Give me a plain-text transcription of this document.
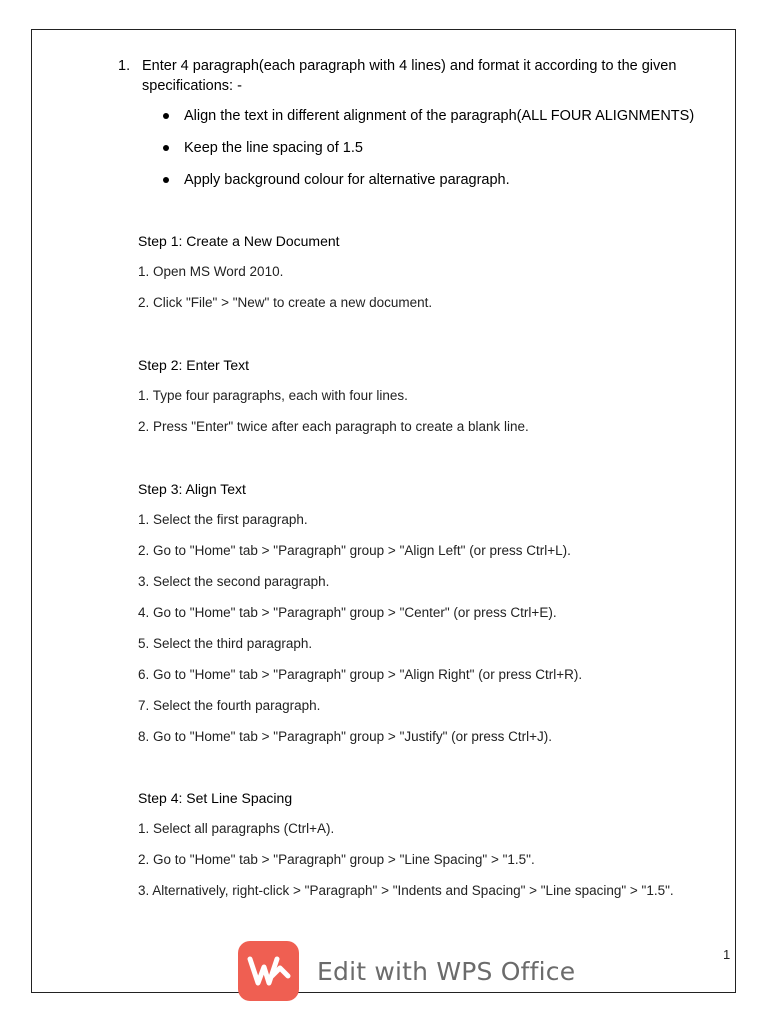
1. Enter 4 paragraph(each paragraph with 4 lines) and format it according to the given specifications: -
Align the text in different alignment of the paragraph(ALL FOUR ALIGNMENTS)
Keep the line spacing of 1.5
Apply background colour for alternative paragraph.
Step 1: Create a New Document
1. Open MS Word 2010.
2. Click "File" > "New" to create a new document.
Step 2: Enter Text
1. Type four paragraphs, each with four lines.
2. Press "Enter" twice after each paragraph to create a blank line.
Step 3: Align Text
1. Select the first paragraph.
2. Go to "Home" tab > "Paragraph" group > "Align Left" (or press Ctrl+L).
3. Select the second paragraph.
4. Go to "Home" tab > "Paragraph" group > "Center" (or press Ctrl+E).
5. Select the third paragraph.
6. Go to "Home" tab > "Paragraph" group > "Align Right" (or press Ctrl+R).
7. Select the fourth paragraph.
8. Go to "Home" tab > "Paragraph" group > "Justify" (or press Ctrl+J).
Step 4: Set Line Spacing
1. Select all paragraphs (Ctrl+A).
2. Go to "Home" tab > "Paragraph" group > "Line Spacing" > "1.5".
3. Alternatively, right-click > "Paragraph" > "Indents and Spacing" > "Line spacing" > "1.5".
1
Edit with WPS Office
